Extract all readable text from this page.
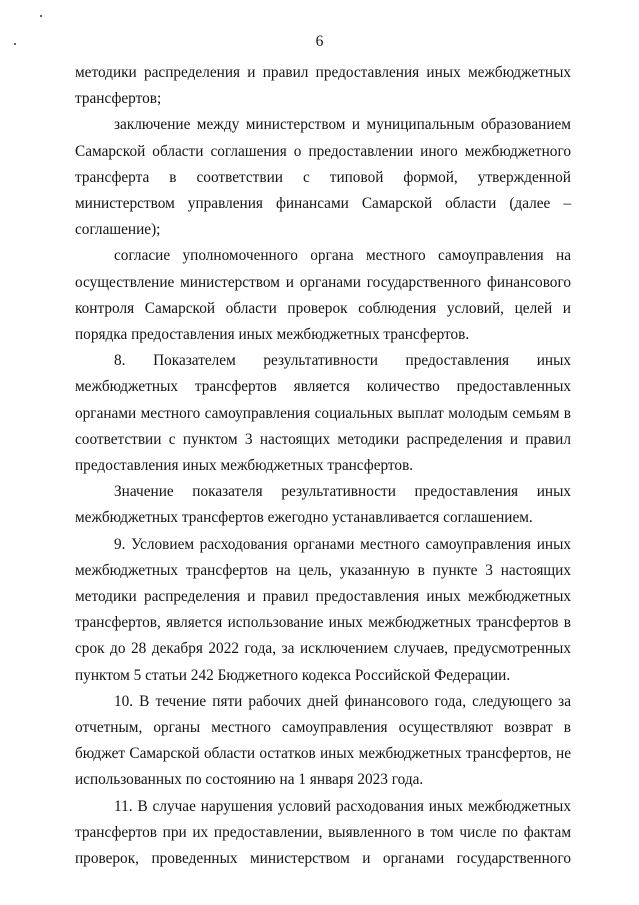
6

методики распределения и правил предоставления иных межбюджетных трансфертов;

заключение между министерством и муниципальным образованием Самарской области соглашения о предоставлении иного межбюджетного трансферта в соответствии с типовой формой, утвержденной министерством управления финансами Самарской области (далее – соглашение);

согласие уполномоченного органа местного самоуправления на осуществление министерством и органами государственного финансового контроля Самарской области проверок соблюдения условий, целей и порядка предоставления иных межбюджетных трансфертов.

8. Показателем результативности предоставления иных межбюджетных трансфертов является количество предоставленных органами местного самоуправления социальных выплат молодым семьям в соответствии с пунктом 3 настоящих методики распределения и правил предоставления иных межбюджетных трансфертов.

Значение показателя результативности предоставления иных межбюджетных трансфертов ежегодно устанавливается соглашением.

9. Условием расходования органами местного самоуправления иных межбюджетных трансфертов на цель, указанную в пункте 3 настоящих методики распределения и правил предоставления иных межбюджетных трансфертов, является использование иных межбюджетных трансфертов в срок до 28 декабря 2022 года, за исключением случаев, предусмотренных пунктом 5 статьи 242 Бюджетного кодекса Российской Федерации.

10. В течение пяти рабочих дней финансового года, следующего за отчетным, органы местного самоуправления осуществляют возврат в бюджет Самарской области остатков иных межбюджетных трансфертов, не использованных по состоянию на 1 января 2023 года.

11. В случае нарушения условий расходования иных межбюджетных трансфертов при их предоставлении, выявленного в том числе по фактам проверок, проведенных министерством и органами государственного
